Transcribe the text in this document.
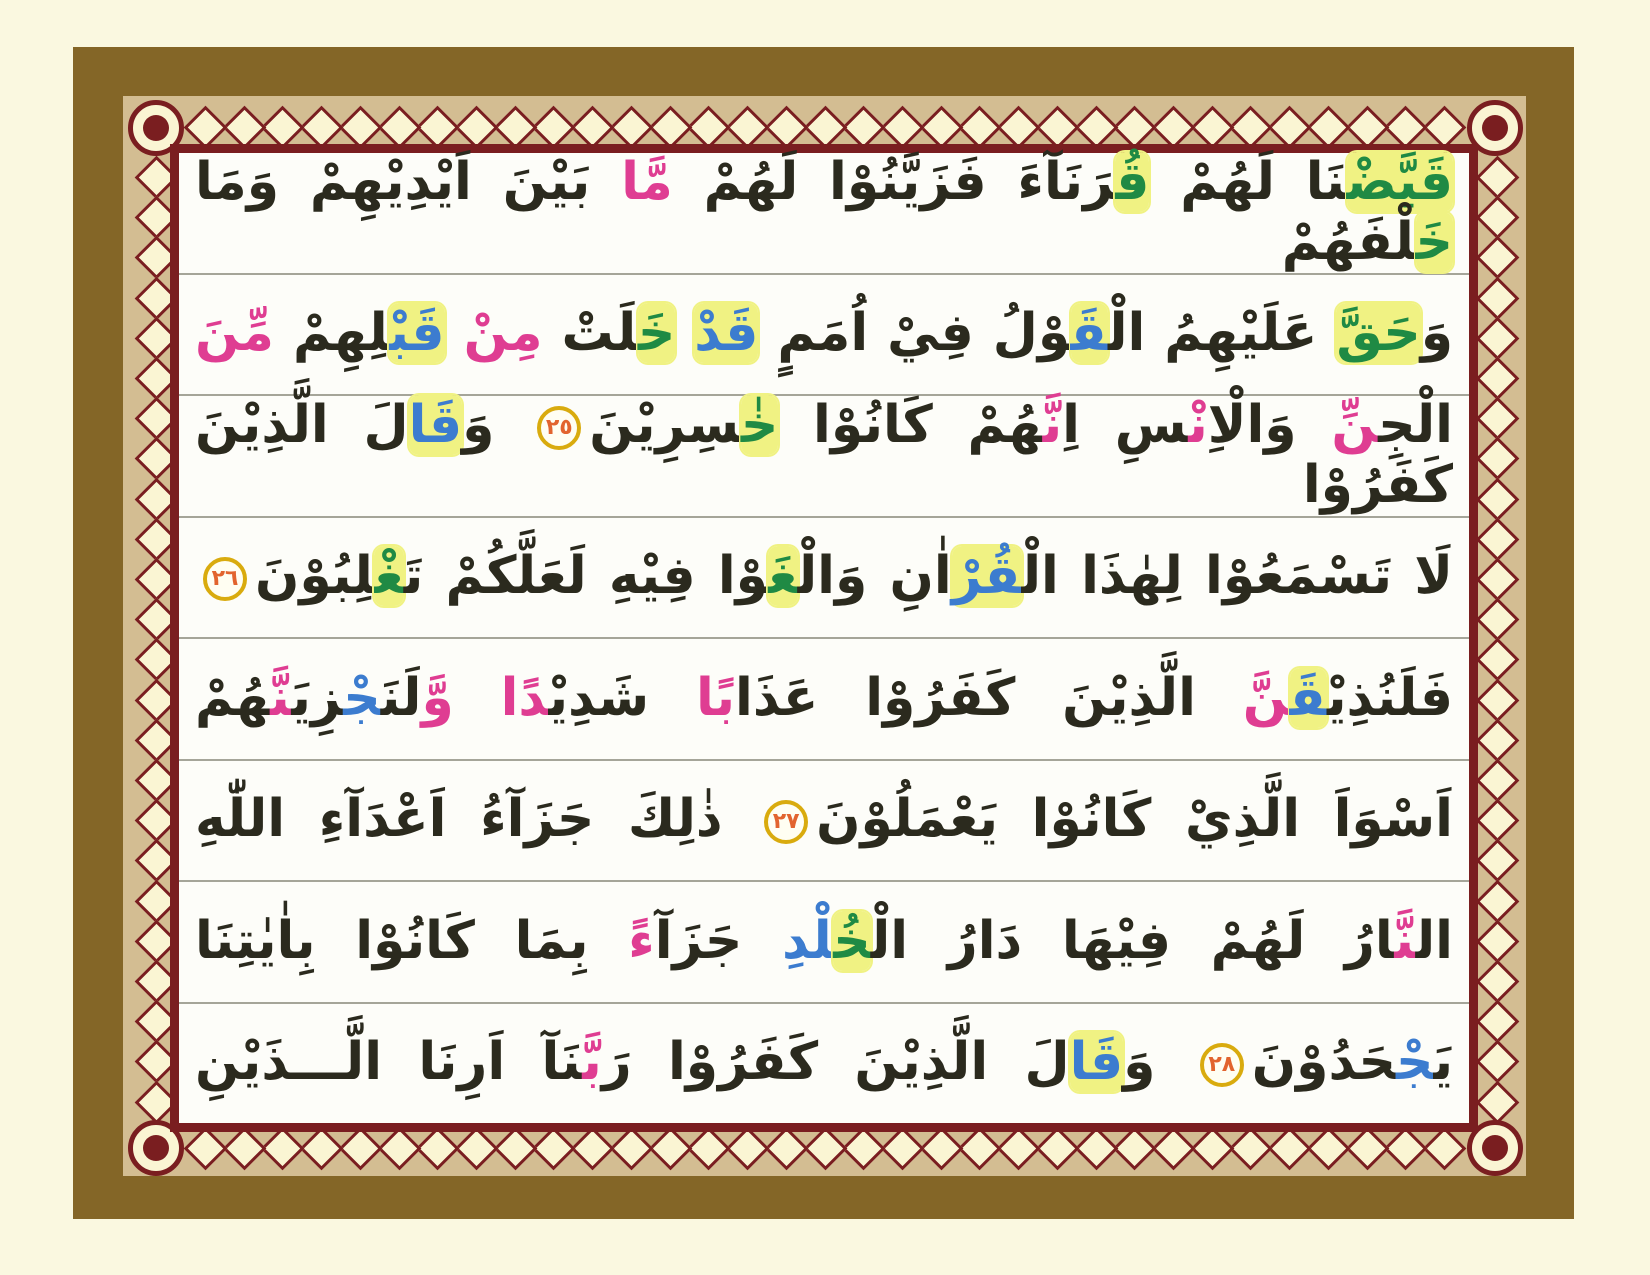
قَيَّضْ‍‍نَا لَهُمْ قُ‍‍رَنَآءَ فَزَيَّنُوْا لَهُمْ مَّا بَيْنَ اَيْدِيْهِمْ وَمَا خَ‍‍لْفَهُمْ
وَحَقَّ عَلَيْهِمُ الْ‍‍قَ‍‍وْلُ فِيْ اُمَمٍ قَدْ خَ‍‍لَتْ مِنْ قَبْ‍‍لِهِمْ مِّنَ
الْجِ‍‍نِّ وَالْاِنْ‍‍سِ اِنَّ‍‍هُمْ كَانُوْا خٰ‍‍سِرِيْنَ٢٥ وَقَالَ الَّذِيْنَ كَفَرُوْا
لَا تَسْمَعُوْا لِهٰذَا الْ‍‍قُرْاٰنِ وَالْ‍‍غَ‍‍وْا فِيْهِ لَعَلَّكُمْ تَ‍‍غْ‍‍لِبُوْنَ٢٦
فَلَنُذِيْ‍‍قَ‍‍نَّ الَّذِيْنَ كَفَرُوْا عَذَابًا شَدِيْ‍‍دًا وَّلَنَ‍‍جْ‍‍زِيَ‍‍نَّ‍‍هُمْ
اَسْوَاَ الَّذِيْ كَانُوْا يَعْمَلُوْنَ٢٧ ذٰلِكَ جَزَآءُ اَعْدَآءِ اللّٰهِ
ال‍‍نَّ‍‍ارُ لَهُمْ فِيْهَا دَارُ الْ‍‍خُ‍‍لْدِ جَزَآءً بِمَا كَانُوْا بِاٰيٰتِنَا
يَ‍‍جْ‍‍حَدُوْنَ٢٨ وَقَالَ الَّذِيْنَ كَفَرُوْا رَبَّ‍‍نَآ اَرِنَا الَّـــذَيْنِ
